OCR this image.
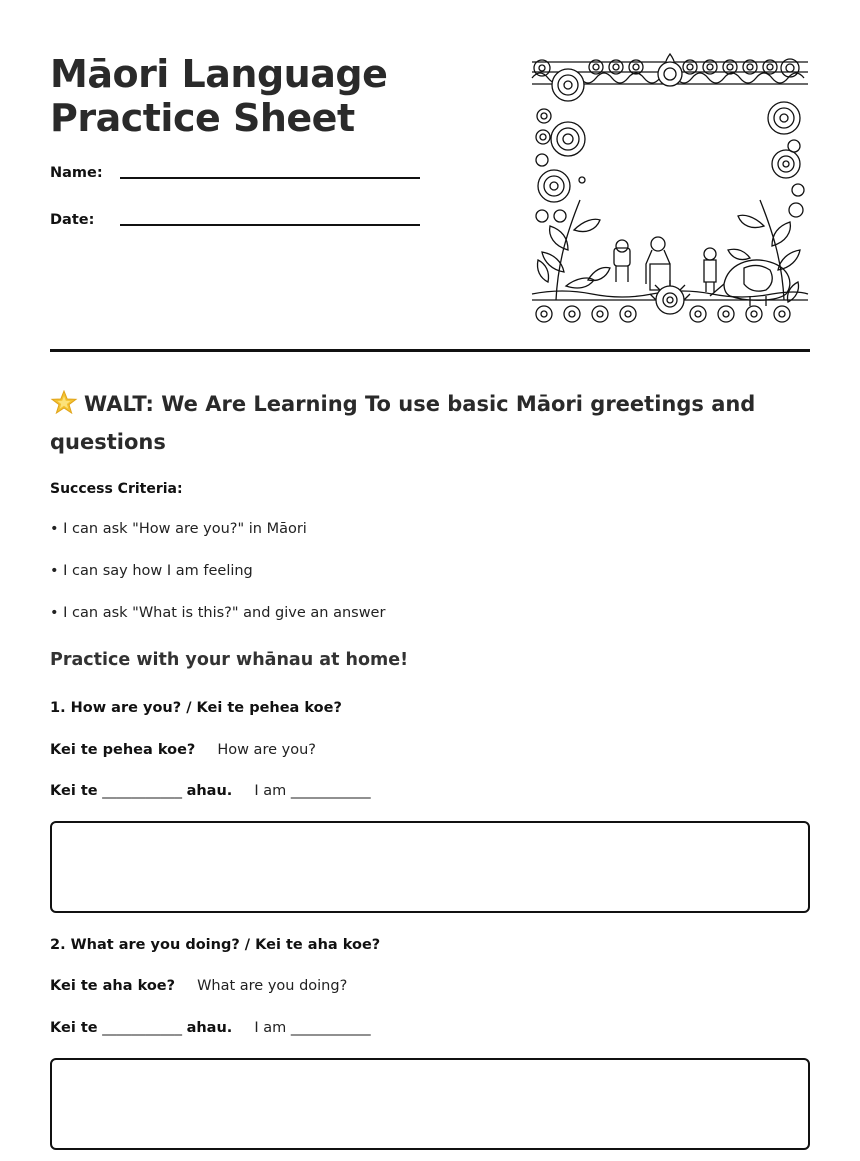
Māori Language
Practice Sheet
Name:
Date:
WALT: We Are Learning To use basic Māori greetings and questions
Success Criteria:
• I can ask "How are you?" in Māori
• I can say how I am feeling
• I can ask "What is this?" and give an answer
Practice with your whānau at home!
1. How are you? / Kei te pehea koe?
Kei te pehea koe? How are you?
Kei te ___________ ahau. I am ___________
2. What are you doing? / Kei te aha koe?
Kei te aha koe? What are you doing?
Kei te ___________ ahau. I am ___________
